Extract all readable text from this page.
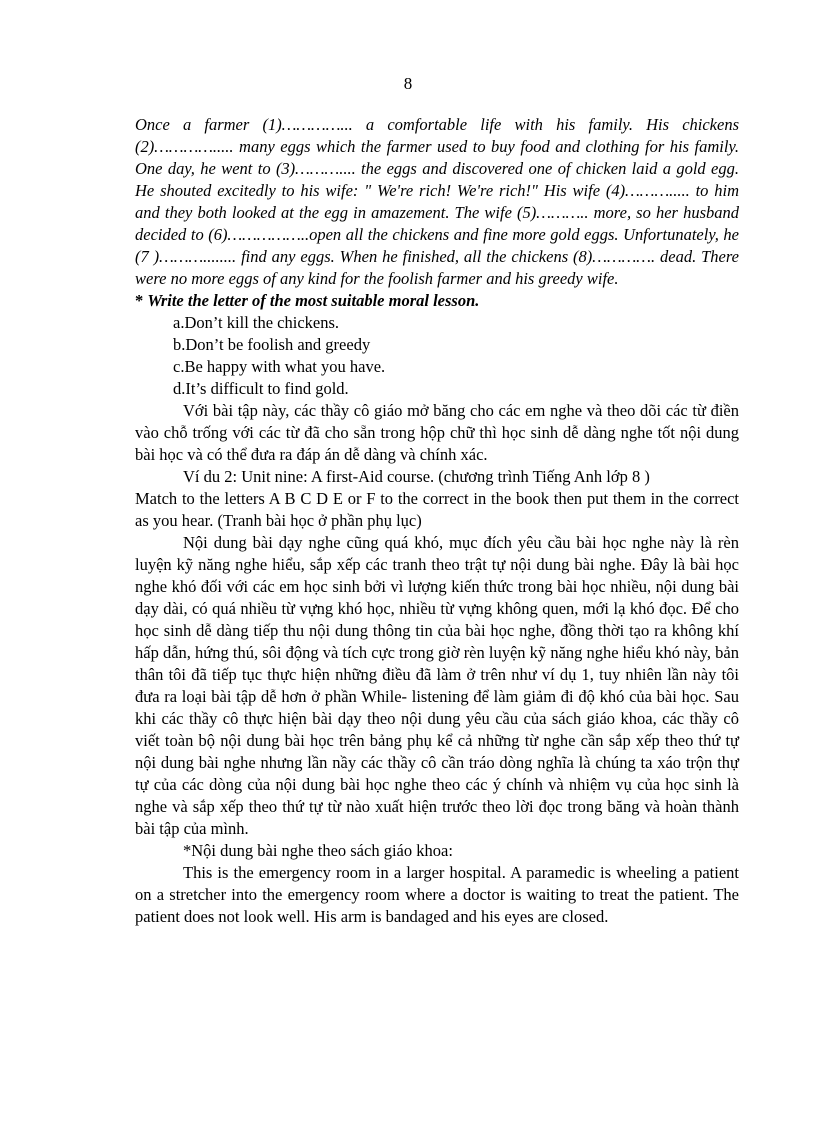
8

Once a farmer (1)…………... a comfortable life with his family. His chickens (2)…………..... many eggs which the farmer used to buy food and clothing for his family. One day, he went to (3)……….... the eggs and discovered one of chicken laid a gold egg. He shouted excitedly to his wife: " We're rich! We're rich!" His wife (4)………..... to him and they both looked at the egg in amazement. The wife (5)……….. more, so her husband decided to (6)……………..open all the chickens and fine more gold eggs. Unfortunately, he (7 )………........ find any eggs. When he finished, all the chickens (8)…………. dead. There were no more eggs of any kind for the foolish farmer and his greedy wife.

* Write the letter of the most suitable moral lesson.

a.Don’t kill the chickens.

b.Don’t be foolish and greedy

c.Be happy with what you have.

d.It’s difficult to find gold.

Với bài tập này, các thầy cô giáo mở băng cho các em nghe và theo dõi các từ điền vào chỗ trống với các từ đã cho sẵn trong hộp chữ thì học sinh dễ dàng nghe tốt nội dung bài học và có thể đưa ra đáp án dễ dàng và chính xác.

Ví du 2: Unit nine: A first-Aid course. (chương trình Tiếng Anh lớp 8 )

Match to the letters A B C D E or F to the correct in the book then put them in the correct as you hear. (Tranh bài học ở phần phụ lục)

Nội dung bài dạy nghe cũng quá khó, mục đích yêu cầu bài học nghe này là rèn luyện kỹ năng nghe hiểu, sắp xếp các tranh theo trật tự nội dung bài nghe. Đây là bài học nghe khó đối với các em học sinh bởi vì lượng kiến thức trong bài học nhiều, nội dung bài dạy dài, có quá nhiều từ vựng khó học, nhiều từ vựng không quen, mới lạ khó đọc. Để cho học sinh dễ dàng tiếp thu nội dung thông tin của bài học nghe, đồng thời tạo ra không khí hấp dẫn, hứng thú, sôi động và tích cực trong giờ rèn luyện kỹ năng nghe hiểu khó này, bản thân tôi đã tiếp tục thực hiện những điều đã làm ở trên như ví dụ 1, tuy nhiên lần này tôi đưa ra loại bài tập dễ hơn ở phần While- listening để làm giảm đi độ khó của bài học. Sau khi các thầy cô thực hiện bài dạy theo nội dung yêu cầu của sách giáo khoa, các thầy cô viết toàn bộ nội dung bài học trên bảng phụ kể cả những từ nghe cần sắp xếp theo thứ tự nội dung bài nghe nhưng lần nầy các thầy cô cần tráo dòng nghĩa là chúng ta xáo trộn thự tự của các dòng của nội dung bài học nghe theo các ý chính và nhiệm vụ của học sinh là nghe và sắp xếp theo thứ tự từ nào xuất hiện trước theo lời đọc trong băng và hoàn thành bài tập của mình.

*Nội dung bài nghe theo sách giáo khoa:

This is the emergency room in a larger hospital. A paramedic is wheeling a patient on a stretcher into the emergency room where a doctor is waiting to treat the patient. The patient does not look well. His arm is bandaged and his eyes are closed.
